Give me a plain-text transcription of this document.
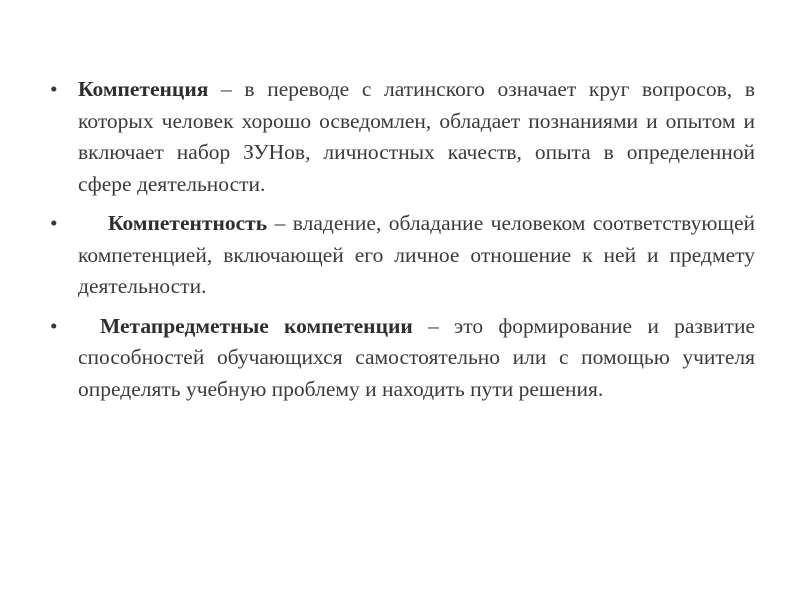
• Компетенция – в переводе с латинского означает круг вопросов, в которых человек хорошо осведомлен, обладает познаниями и опытом и включает набор ЗУНов, личностных качеств, опыта в определенной сфере деятельности.
•	Компетентность – владение, обладание человеком соответствующей компетенцией, включающей его личное отношение к ней и предмету деятельности.
•	Метапредметные компетенции – это формирование и развитие способностей обучающихся самостоятельно или с помощью учителя определять учебную проблему и находить пути решения.
